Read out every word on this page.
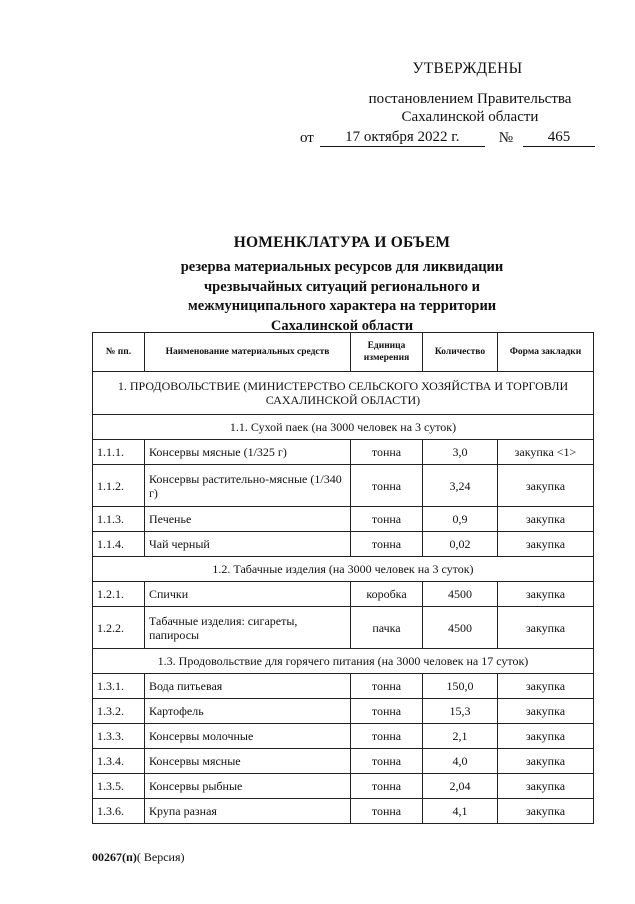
УТВЕРЖДЕНЫ
постановлением Правительства
Сахалинской области
от	17 октября 2022 г.	№	465
НОМЕНКЛАТУРА И ОБЪЕМ
резерва материальных ресурсов для ликвидации
чрезвычайных ситуаций регионального и
межмуниципального характера на территории
Сахалинской области
№ пп.	Наименование материальных средств	Единица измерения	Количество	Форма закладки
1. ПРОДОВОЛЬСТВИЕ (МИНИСТЕРСТВО СЕЛЬСКОГО ХОЗЯЙСТВА И ТОРГОВЛИ САХАЛИНСКОЙ ОБЛАСТИ)				
1.1. Сухой паек (на 3000 человек на 3 суток)				
1.1.1.	Консервы мясные (1/325 г)	тонна	3,0	закупка <1>
1.1.2.	Консервы растительно-мясные (1/340 г)	тонна	3,24	закупка
1.1.3.	Печенье	тонна	0,9	закупка
1.1.4.	Чай черный	тонна	0,02	закупка
1.2. Табачные изделия (на 3000 человек на 3 суток)				
1.2.1.	Спички	коробка	4500	закупка
1.2.2.	Табачные изделия: сигареты, папиросы	пачка	4500	закупка
1.3. Продовольствие для горячего питания (на 3000 человек на 17 суток)				
1.3.1.	Вода питьевая	тонна	150,0	закупка
1.3.2.	Картофель	тонна	15,3	закупка
1.3.3.	Консервы молочные	тонна	2,1	закупка
1.3.4.	Консервы мясные	тонна	4,0	закупка
1.3.5.	Консервы рыбные	тонна	2,04	закупка
1.3.6.	Крупа разная	тонна	4,1	закупка
00267(п)( Версия)
